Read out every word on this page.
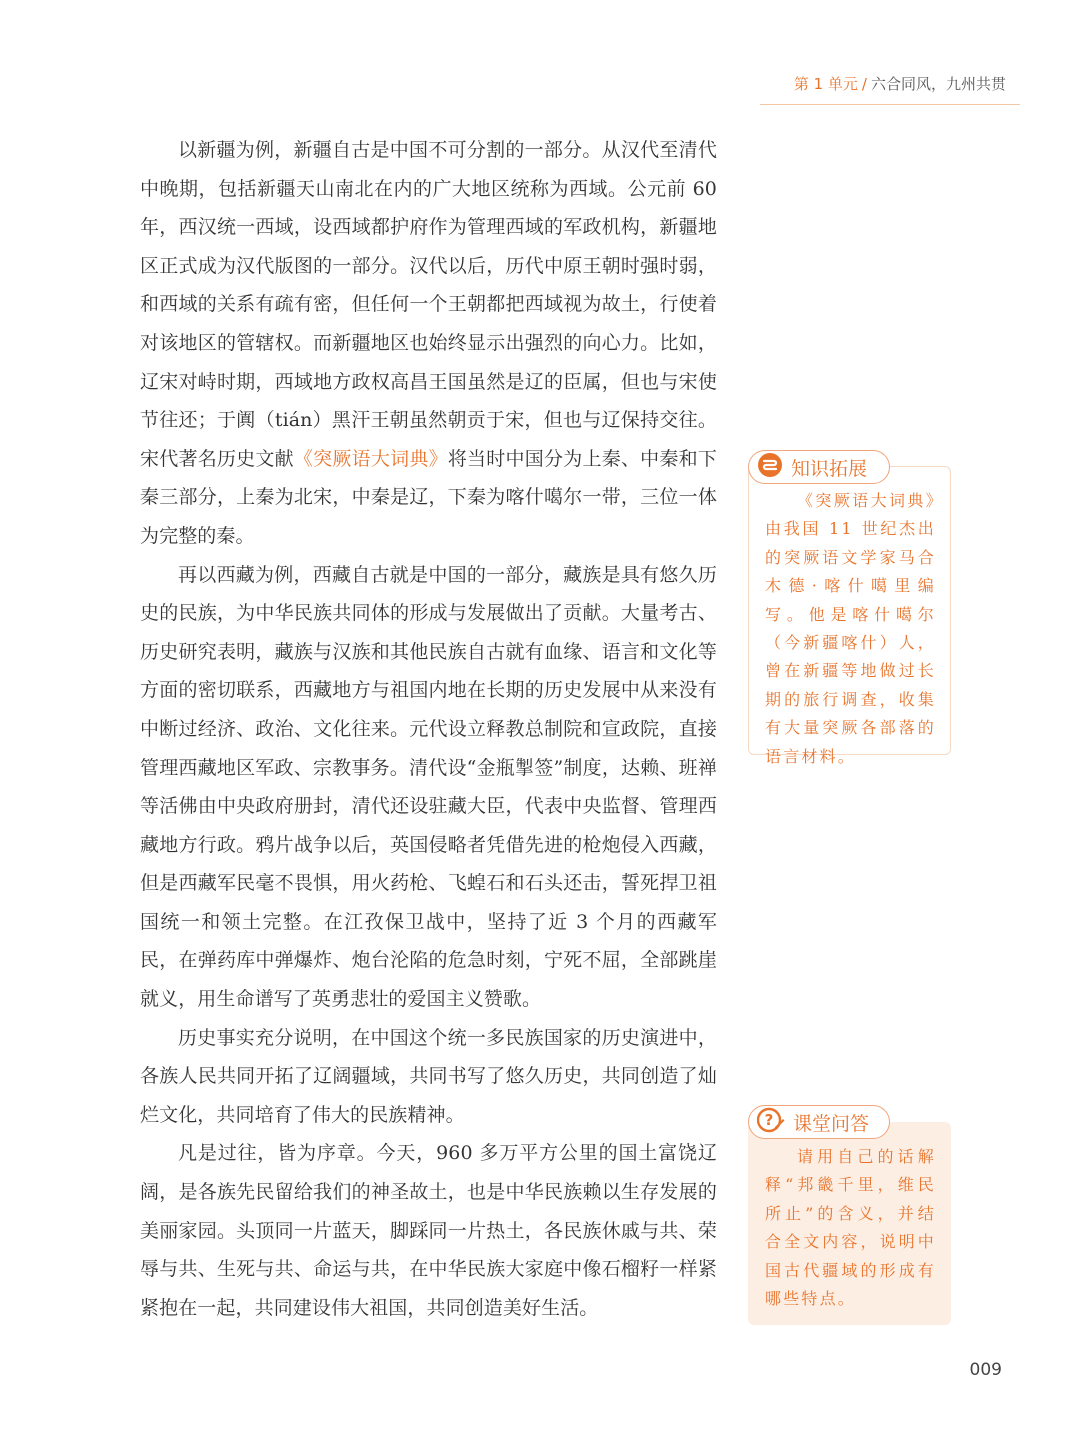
第 1 单元 / 六合同风，九州共贯

以新疆为例，新疆自古是中国不可分割的一部分。从汉代至清代中晚期，包括新疆天山南北在内的广大地区统称为西域。公元前 60 年，西汉统一西域，设西域都护府作为管理西域的军政机构，新疆地区正式成为汉代版图的一部分。汉代以后，历代中原王朝时强时弱，和西域的关系有疏有密，但任何一个王朝都把西域视为故土，行使着对该地区的管辖权。而新疆地区也始终显示出强烈的向心力。比如，辽宋对峙时期，西域地方政权高昌王国虽然是辽的臣属，但也与宋使节往还；于阗（tián）黑汗王朝虽然朝贡于宋，但也与辽保持交往。宋代著名历史文献《突厥语大词典》将当时中国分为上秦、中秦和下秦三部分，上秦为北宋，中秦是辽，下秦为喀什噶尔一带，三位一体为完整的秦。

再以西藏为例，西藏自古就是中国的一部分，藏族是具有悠久历史的民族，为中华民族共同体的形成与发展做出了贡献。大量考古、历史研究表明，藏族与汉族和其他民族自古就有血缘、语言和文化等方面的密切联系，西藏地方与祖国内地在长期的历史发展中从来没有中断过经济、政治、文化往来。元代设立释教总制院和宣政院，直接管理西藏地区军政、宗教事务。清代设“金瓶掣签”制度，达赖、班禅等活佛由中央政府册封，清代还设驻藏大臣，代表中央监督、管理西藏地方行政。鸦片战争以后，英国侵略者凭借先进的枪炮侵入西藏，但是西藏军民毫不畏惧，用火药枪、飞蝗石和石头还击，誓死捍卫祖国统一和领土完整。在江孜保卫战中，坚持了近 3 个月的西藏军民，在弹药库中弹爆炸、炮台沦陷的危急时刻，宁死不屈，全部跳崖就义，用生命谱写了英勇悲壮的爱国主义赞歌。

历史事实充分说明，在中国这个统一多民族国家的历史演进中，各族人民共同开拓了辽阔疆域，共同书写了悠久历史，共同创造了灿烂文化，共同培育了伟大的民族精神。

凡是过往，皆为序章。今天，960 多万平方公里的国土富饶辽阔，是各族先民留给我们的神圣故土，也是中华民族赖以生存发展的美丽家园。头顶同一片蓝天，脚踩同一片热土，各民族休戚与共、荣辱与共、生死与共、命运与共，在中华民族大家庭中像石榴籽一样紧紧抱在一起，共同建设伟大祖国，共同创造美好生活。

知识拓展

《突厥语大词典》由我国 11 世纪杰出的突厥语文学家马合木德·喀什噶里编写。他是喀什噶尔（今新疆喀什）人，曾在新疆等地做过长期的旅行调查，收集有大量突厥各部落的语言材料。

? 课堂问答

请用自己的话解释“邦畿千里，维民所止”的含义，并结合全文内容，说明中国古代疆域的形成有哪些特点。

009
